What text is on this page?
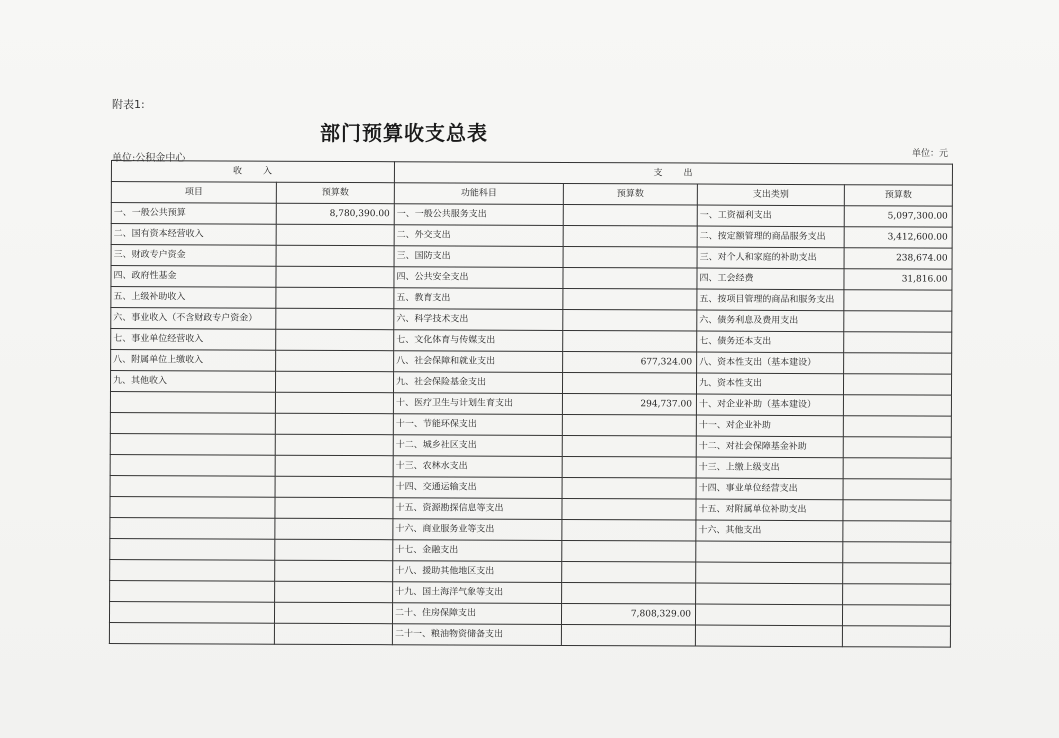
附表1:
部门预算收支总表
单位:公积金中心	单位：元
收　　入		支　　出			
项目	预算数	功能科目	预算数	支出类别	预算数
一、一般公共预算	8,780,390.00	一、一般公共服务支出		一、工资福利支出	5,097,300.00
二、国有资本经营收入		二、外交支出		二、按定额管理的商品服务支出	3,412,600.00
三、财政专户资金		三、国防支出		三、对个人和家庭的补助支出	238,674.00
四、政府性基金		四、公共安全支出		四、工会经费	31,816.00
五、上级补助收入		五、教育支出		五、按项目管理的商品和服务支出	
六、事业收入（不含财政专户资金）		六、科学技术支出		六、债务利息及费用支出	
七、事业单位经营收入		七、文化体育与传媒支出		七、债务还本支出	
八、附属单位上缴收入		八、社会保障和就业支出	677,324.00	八、资本性支出（基本建设）	
九、其他收入		九、社会保险基金支出		九、资本性支出	
		十、医疗卫生与计划生育支出	294,737.00	十、对企业补助（基本建设）	
		十一、节能环保支出		十一、对企业补助	
		十二、城乡社区支出		十二、对社会保障基金补助	
		十三、农林水支出		十三、上缴上级支出	
		十四、交通运输支出		十四、事业单位经营支出	
		十五、资源勘探信息等支出		十五、对附属单位补助支出	
		十六、商业服务业等支出		十六、其他支出	
		十七、金融支出			
		十八、援助其他地区支出			
		十九、国土海洋气象等支出			
		二十、住房保障支出	7,808,329.00		
		二十一、粮油物资储备支出			
